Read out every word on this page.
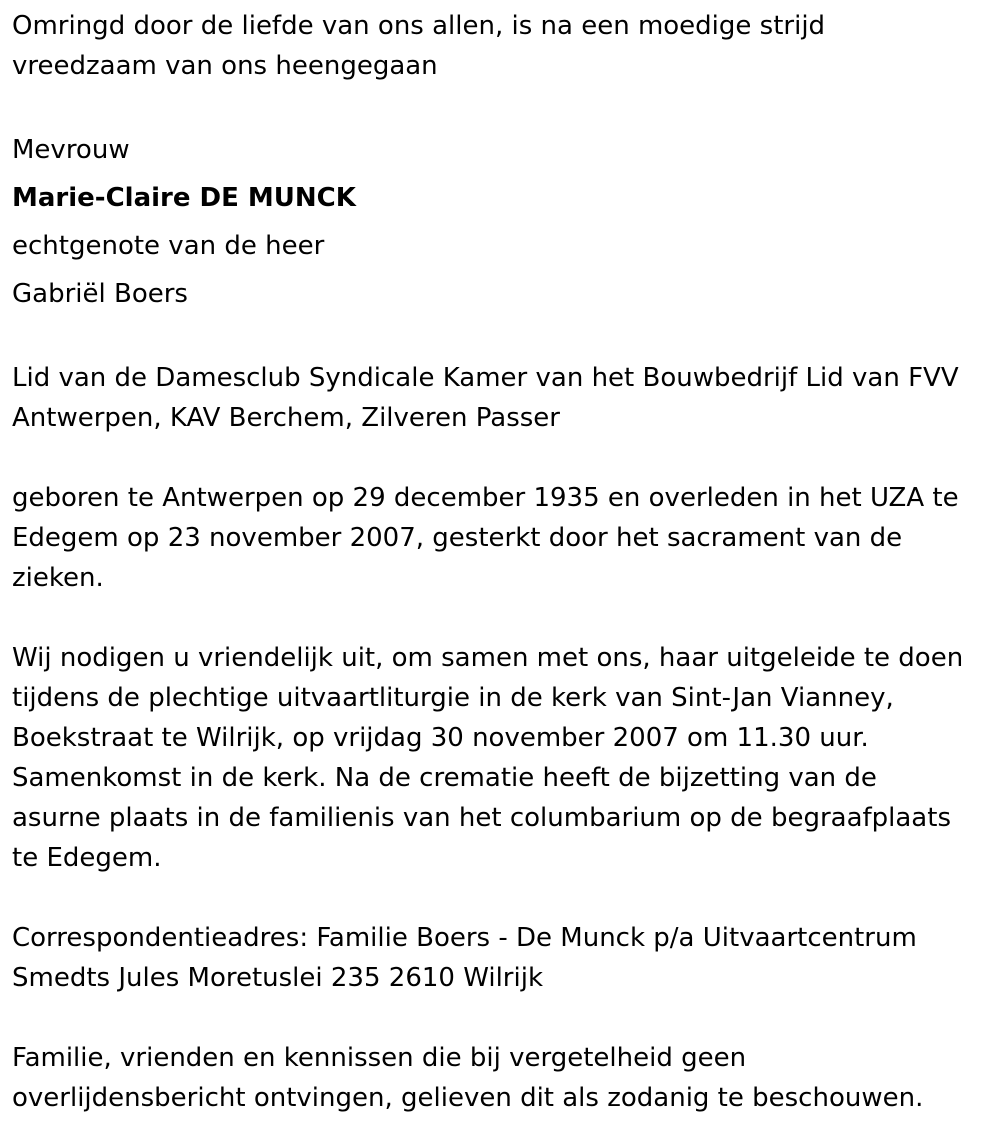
Omringd door de liefde van ons allen, is na een moedige strijd
vreedzaam van ons heengegaan

Mevrouw

Marie-Claire DE MUNCK

echtgenote van de heer

Gabriël Boers

Lid van de Damesclub Syndicale Kamer van het Bouwbedrijf Lid van FVV
Antwerpen, KAV Berchem, Zilveren Passer

geboren te Antwerpen op 29 december 1935 en overleden in het UZA te
Edegem op 23 november 2007, gesterkt door het sacrament van de
zieken.

Wij nodigen u vriendelijk uit, om samen met ons, haar uitgeleide te doen
tijdens de plechtige uitvaartliturgie in de kerk van Sint-Jan Vianney,
Boekstraat te Wilrijk, op vrijdag 30 november 2007 om 11.30 uur.
Samenkomst in de kerk. Na de crematie heeft de bijzetting van de
asurne plaats in de familienis van het columbarium op de begraafplaats
te Edegem.

Correspondentieadres: Familie Boers - De Munck p/a Uitvaartcentrum
Smedts Jules Moretuslei 235 2610 Wilrijk

Familie, vrienden en kennissen die bij vergetelheid geen
overlijdensbericht ontvingen, gelieven dit als zodanig te beschouwen.
